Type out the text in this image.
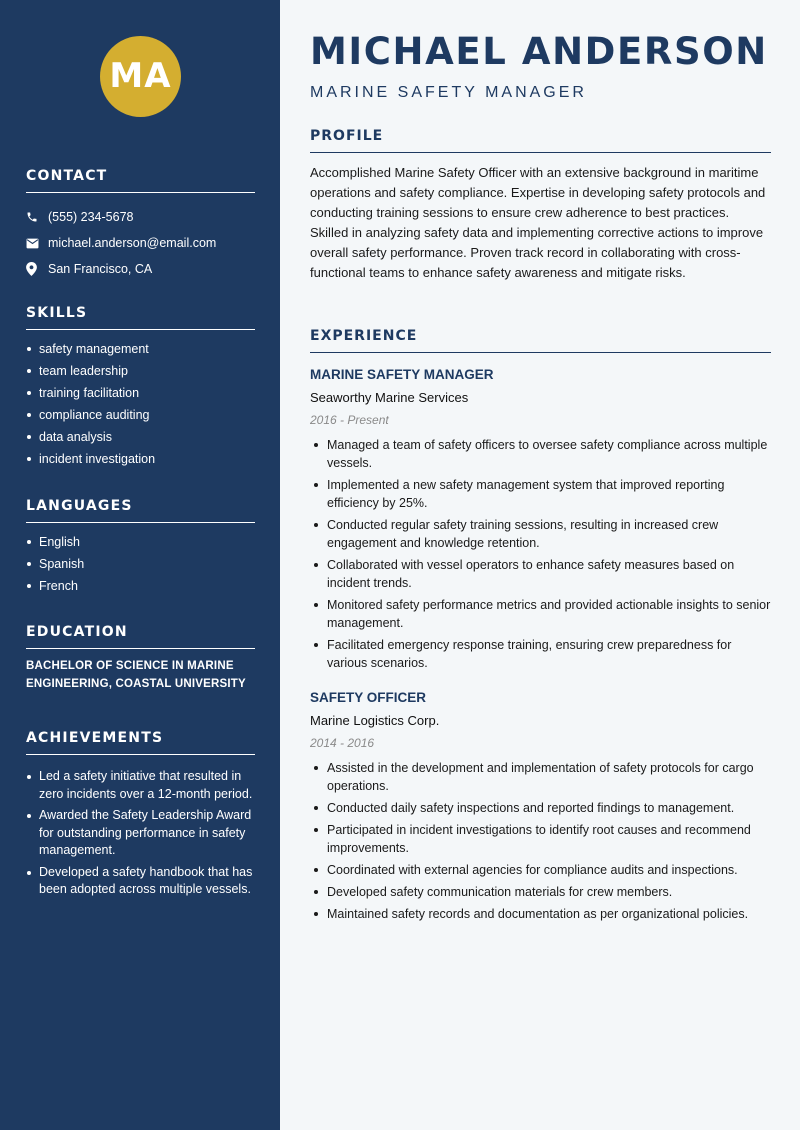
MA
CONTACT
(555) 234-5678
michael.anderson@email.com
San Francisco, CA
SKILLS
safety management
team leadership
training facilitation
compliance auditing
data analysis
incident investigation
LANGUAGES
English
Spanish
French
EDUCATION
BACHELOR OF SCIENCE IN MARINE ENGINEERING, COASTAL UNIVERSITY
ACHIEVEMENTS
Led a safety initiative that resulted in zero incidents over a 12-month period.
Awarded the Safety Leadership Award for outstanding performance in safety management.
Developed a safety handbook that has been adopted across multiple vessels.
MICHAEL ANDERSON
MARINE SAFETY MANAGER
PROFILE

Accomplished Marine Safety Officer with an extensive background in maritime operations and safety compliance. Expertise in developing safety protocols and conducting training sessions to ensure crew adherence to best practices. Skilled in analyzing safety data and implementing corrective actions to improve overall safety performance. Proven track record in collaborating with cross-functional teams to enhance safety awareness and mitigate risks.

EXPERIENCE
MARINE SAFETY MANAGER
Seaworthy Marine Services
2016 - Present
Managed a team of safety officers to oversee safety compliance across multiple vessels.
Implemented a new safety management system that improved reporting efficiency by 25%.
Conducted regular safety training sessions, resulting in increased crew engagement and knowledge retention.
Collaborated with vessel operators to enhance safety measures based on incident trends.
Monitored safety performance metrics and provided actionable insights to senior management.
Facilitated emergency response training, ensuring crew preparedness for various scenarios.
SAFETY OFFICER
Marine Logistics Corp.
2014 - 2016
Assisted in the development and implementation of safety protocols for cargo operations.
Conducted daily safety inspections and reported findings to management.
Participated in incident investigations to identify root causes and recommend improvements.
Coordinated with external agencies for compliance audits and inspections.
Developed safety communication materials for crew members.
Maintained safety records and documentation as per organizational policies.
